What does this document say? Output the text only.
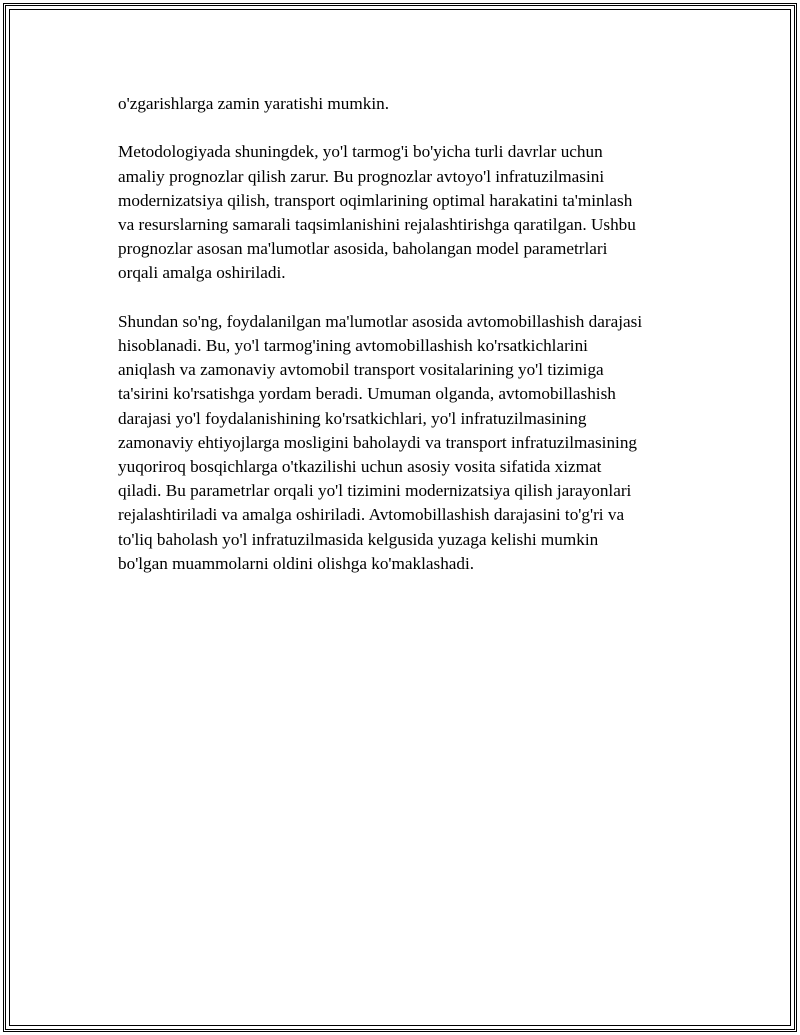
o'zgarishlarga zamin yaratishi mumkin.

Metodologiyada shuningdek, yo'l tarmog'i bo'yicha turli davrlar uchun
amaliy prognozlar qilish zarur. Bu prognozlar avtoyo'l infratuzilmasini
modernizatsiya qilish, transport oqimlarining optimal harakatini ta'minlash
va resurslarning samarali taqsimlanishini rejalashtirishga qaratilgan. Ushbu
prognozlar asosan ma'lumotlar asosida, baholangan model parametrlari
orqali amalga oshiriladi.

Shundan so'ng, foydalanilgan ma'lumotlar asosida avtomobillashish darajasi
hisoblanadi. Bu, yo'l tarmog'ining avtomobillashish ko'rsatkichlarini
aniqlash va zamonaviy avtomobil transport vositalarining yo'l tizimiga
ta'sirini ko'rsatishga yordam beradi. Umuman olganda, avtomobillashish
darajasi yo'l foydalanishining ko'rsatkichlari, yo'l infratuzilmasining
zamonaviy ehtiyojlarga mosligini baholaydi va transport infratuzilmasining
yuqoriroq bosqichlarga o'tkazilishi uchun asosiy vosita sifatida xizmat
qiladi. Bu parametrlar orqali yo'l tizimini modernizatsiya qilish jarayonlari
rejalashtiriladi va amalga oshiriladi. Avtomobillashish darajasini to'g'ri va
to'liq baholash yo'l infratuzilmasida kelgusida yuzaga kelishi mumkin
bo'lgan muammolarni oldini olishga ko'maklashadi.
